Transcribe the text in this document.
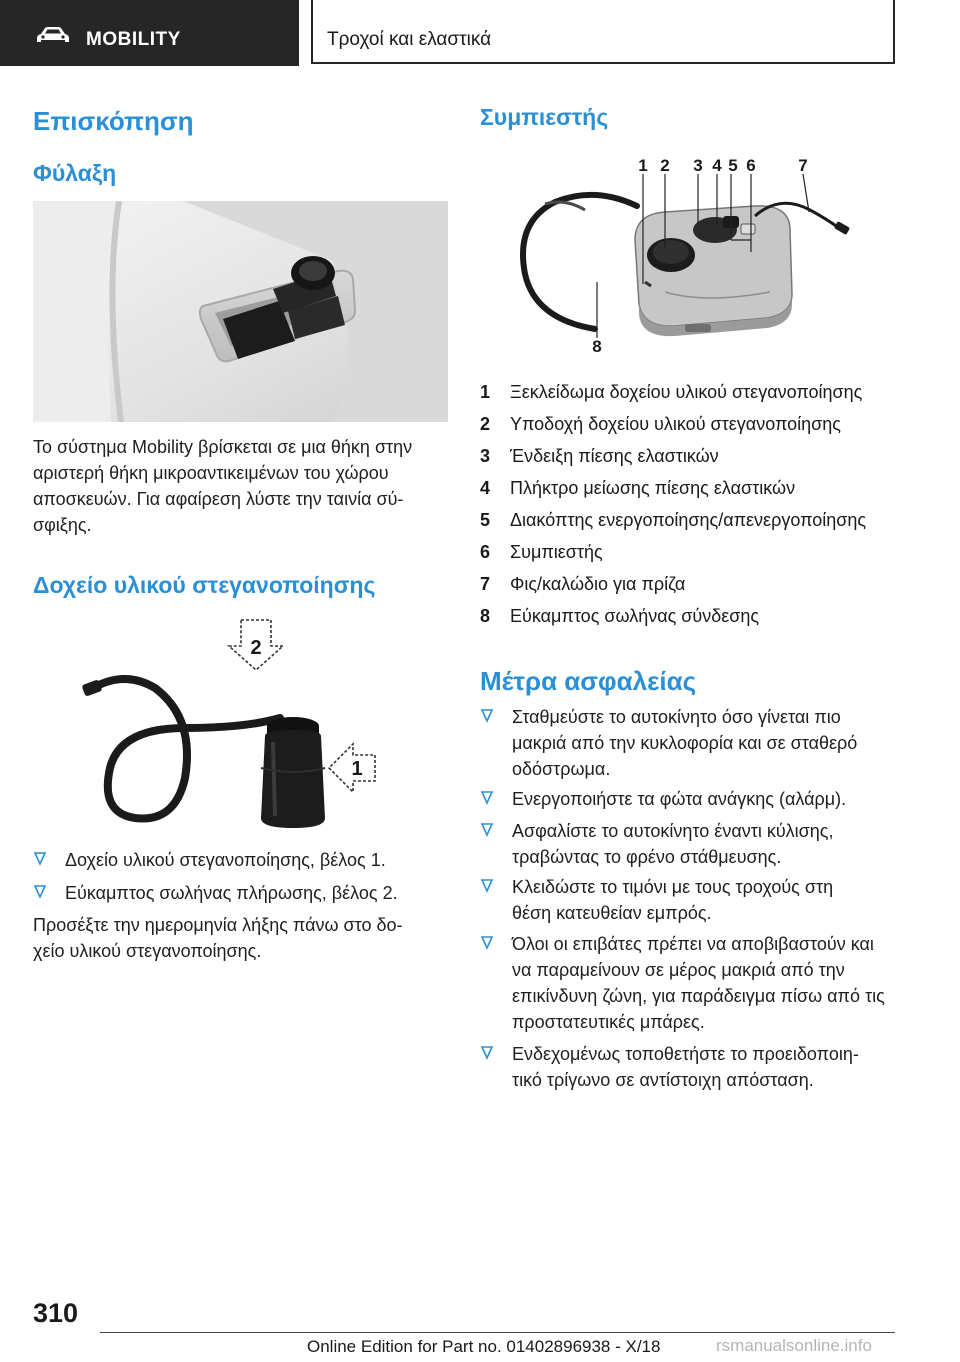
MOBILITY	Τροχοί και ελαστικά
Επισκόπηση
Φύλαξη
Το σύστημα Mobility βρίσκεται σε μια θήκη στην
αριστερή θήκη μικροαντικειμένων του χώρου
αποσκευών. Για αφαίρεση λύστε την ταινία σύ-
σφιξης.
Δοχείο υλικού στεγανοποίησης
2
1
Δοχείο υλικού στεγανοποίησης, βέλος 1.
Εύκαμπτος σωλήνας πλήρωσης, βέλος 2.
Προσέξτε την ημερομηνία λήξης πάνω στο δο-
χείο υλικού στεγανοποίησης.
Συμπιεστής
1 2 3 4 5 6	7
8
1 Ξεκλείδωμα δοχείου υλικού στεγανοποίησης
2 Υποδοχή δοχείου υλικού στεγανοποίησης
3 Ένδειξη πίεσης ελαστικών
4 Πλήκτρο μείωσης πίεσης ελαστικών
5 Διακόπτης ενεργοποίησης/απενεργοποίησης
6 Συμπιεστής
7 Φις/καλώδιο για πρίζα
8 Εύκαμπτος σωλήνας σύνδεσης
Μέτρα ασφαλείας
Σταθμεύστε το αυτοκίνητο όσο γίνεται πιο
μακριά από την κυκλοφορία και σε σταθερό
οδόστρωμα.
Ενεργοποιήστε τα φώτα ανάγκης (αλάρμ).
Ασφαλίστε το αυτοκίνητο έναντι κύλισης,
τραβώντας το φρένο στάθμευσης.
Κλειδώστε το τιμόνι με τους τροχούς στη
θέση κατευθείαν εμπρός.
Όλοι οι επιβάτες πρέπει να αποβιβαστούν και
να παραμείνουν σε μέρος μακριά από την
επικίνδυνη ζώνη, για παράδειγμα πίσω από τις
προστατευτικές μπάρες.
Ενδεχομένως τοποθετήστε το προειδοποιη-
τικό τρίγωνο σε αντίστοιχη απόσταση.
310
Online Edition for Part no. 01402896938 - X/18	rsmanualsonline.info
